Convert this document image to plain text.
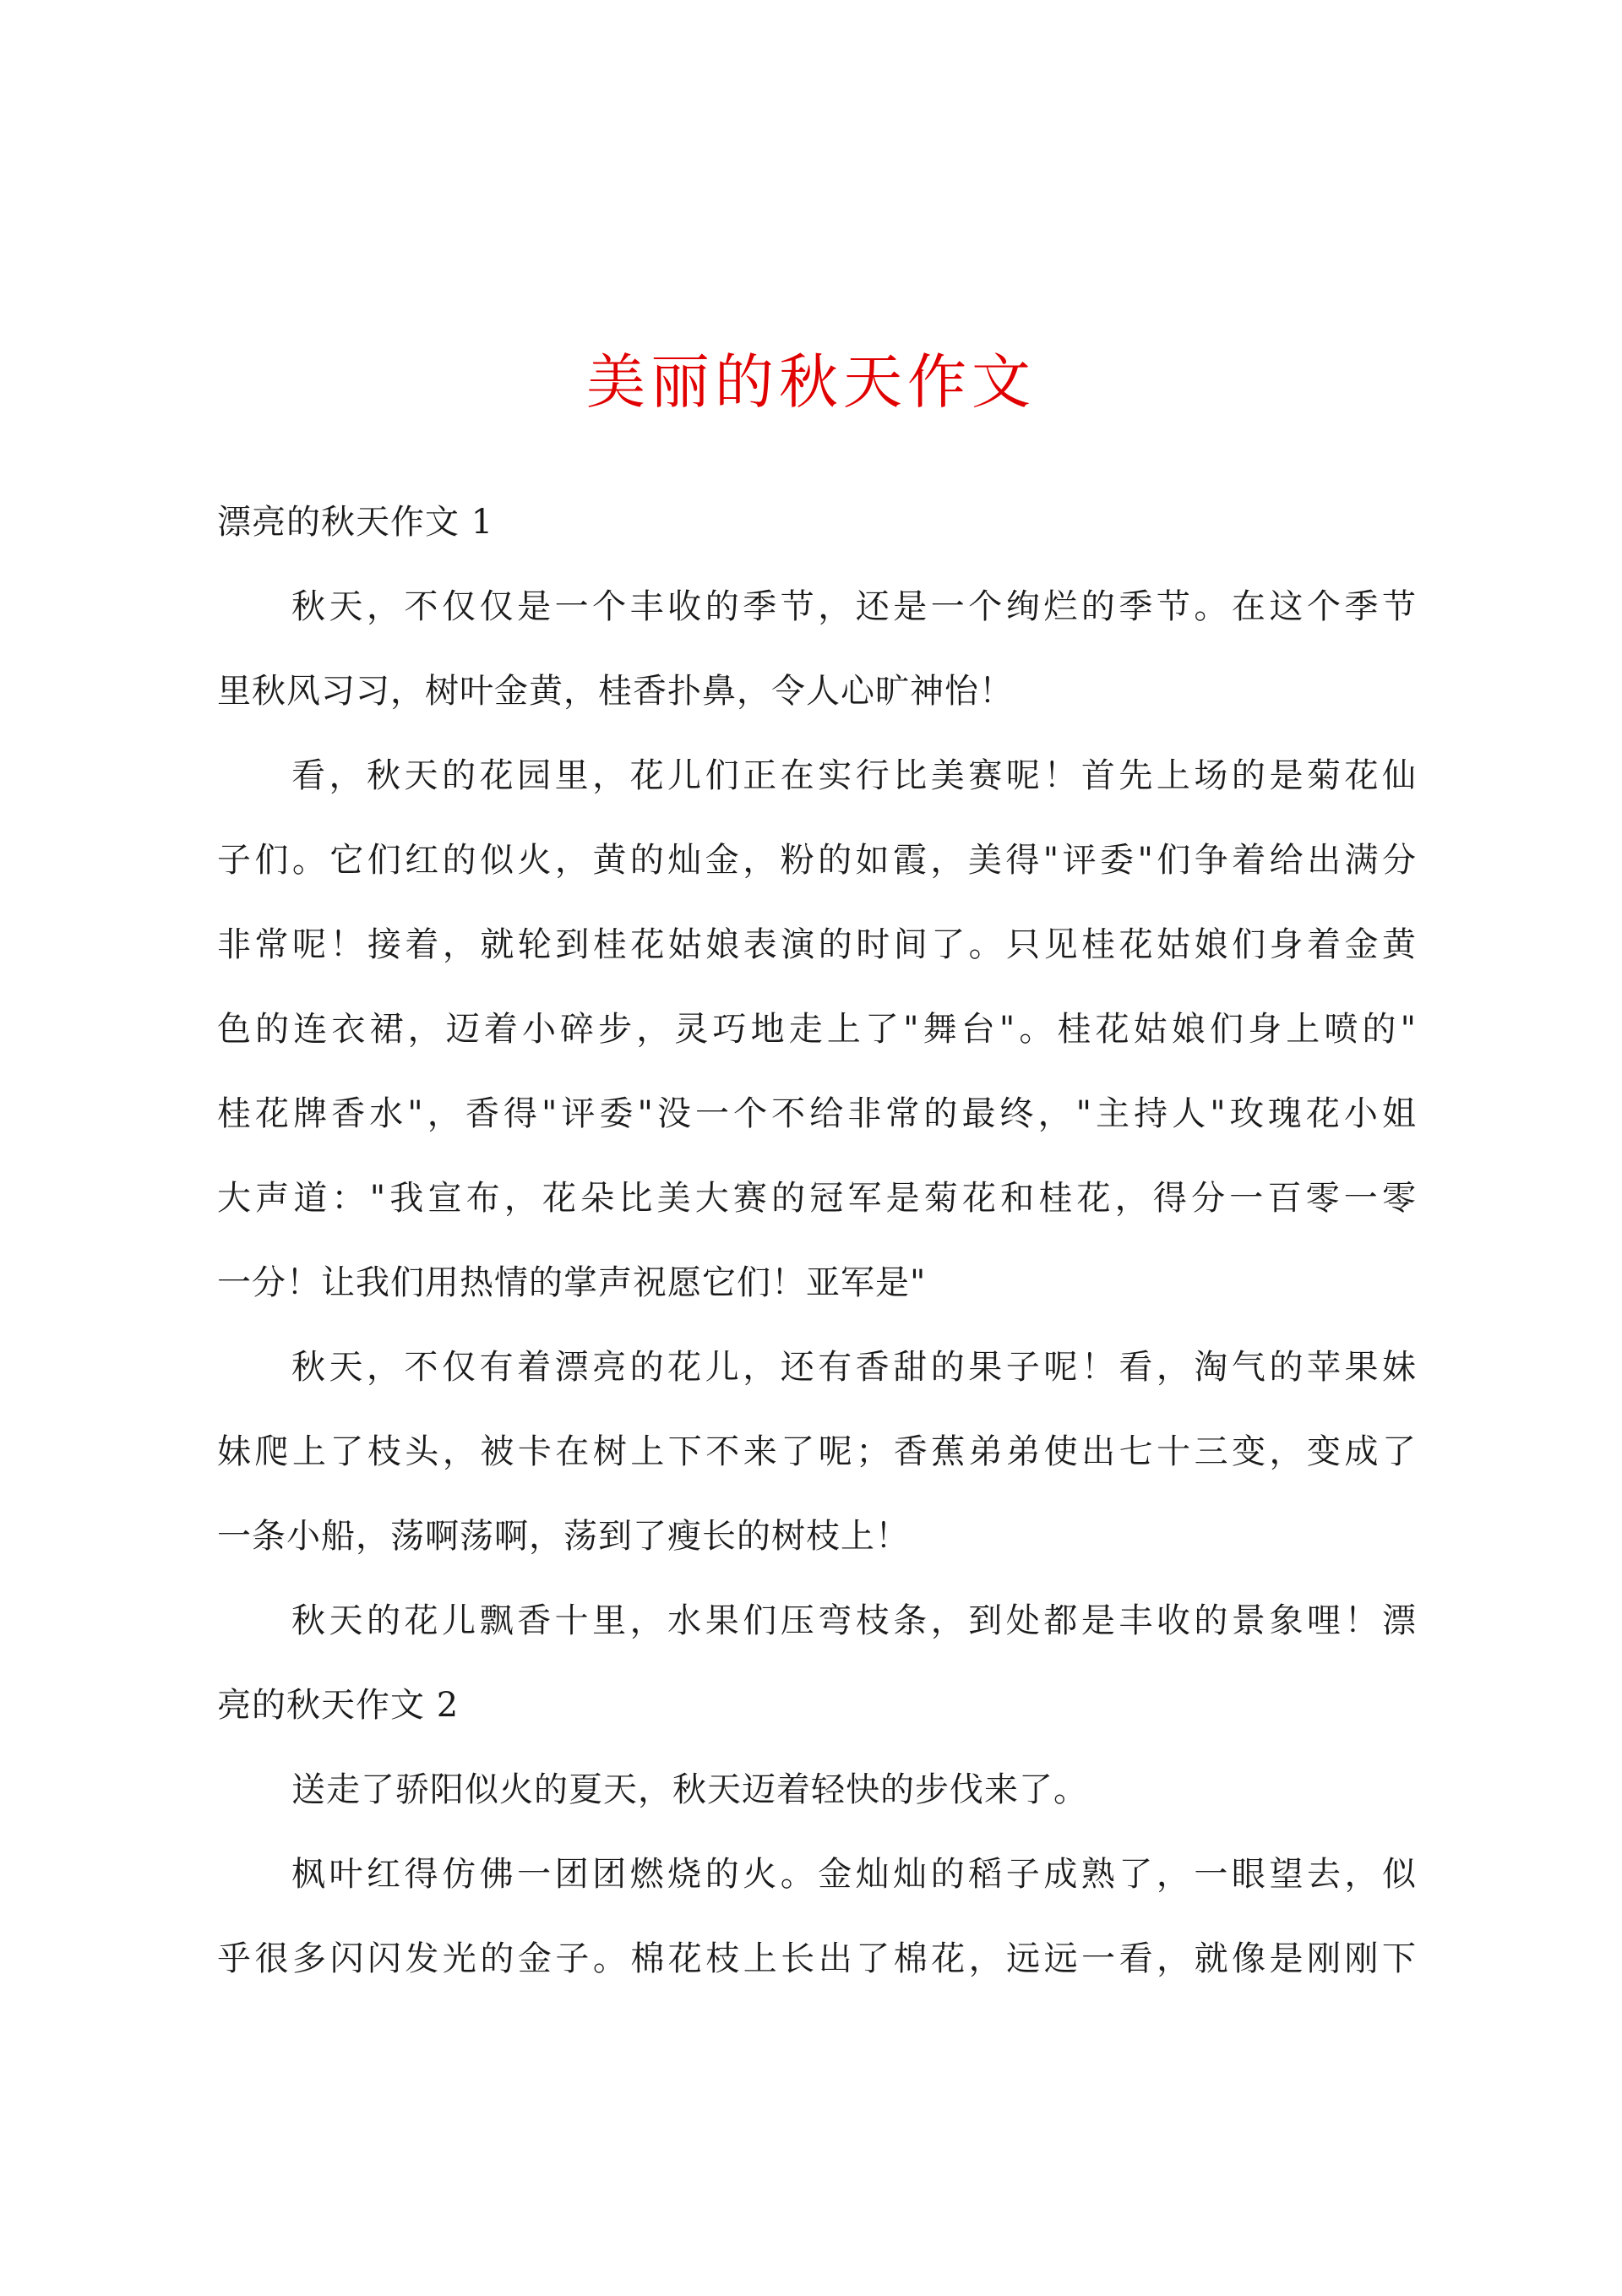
美丽的秋天作文
漂亮的秋天作文 1
秋天，不仅仅是一个丰收的季节，还是一个绚烂的季节。在这个季节
里秋风习习，树叶金黄，桂香扑鼻，令人心旷神怡！
看，秋天的花园里，花儿们正在实行比美赛呢！首先上场的是菊花仙
子们。它们红的似火，黄的灿金，粉的如霞，美得"评委"们争着给出满分
非常呢！接着，就轮到桂花姑娘表演的时间了。只见桂花姑娘们身着金黄
色的连衣裙，迈着小碎步，灵巧地走上了"舞台"。桂花姑娘们身上喷的"
桂花牌香水"，香得"评委"没一个不给非常的最终，"主持人"玫瑰花小姐
大声道："我宣布，花朵比美大赛的冠军是菊花和桂花，得分一百零一零
一分！让我们用热情的掌声祝愿它们！亚军是"
秋天，不仅有着漂亮的花儿，还有香甜的果子呢！看，淘气的苹果妹
妹爬上了枝头，被卡在树上下不来了呢；香蕉弟弟使出七十三变，变成了
一条小船，荡啊荡啊，荡到了瘦长的树枝上！
秋天的花儿飘香十里，水果们压弯枝条，到处都是丰收的景象哩！漂
亮的秋天作文 2
送走了骄阳似火的夏天，秋天迈着轻快的步伐来了。
枫叶红得仿佛一团团燃烧的火。金灿灿的稻子成熟了，一眼望去，似
乎很多闪闪发光的金子。棉花枝上长出了棉花，远远一看，就像是刚刚下
